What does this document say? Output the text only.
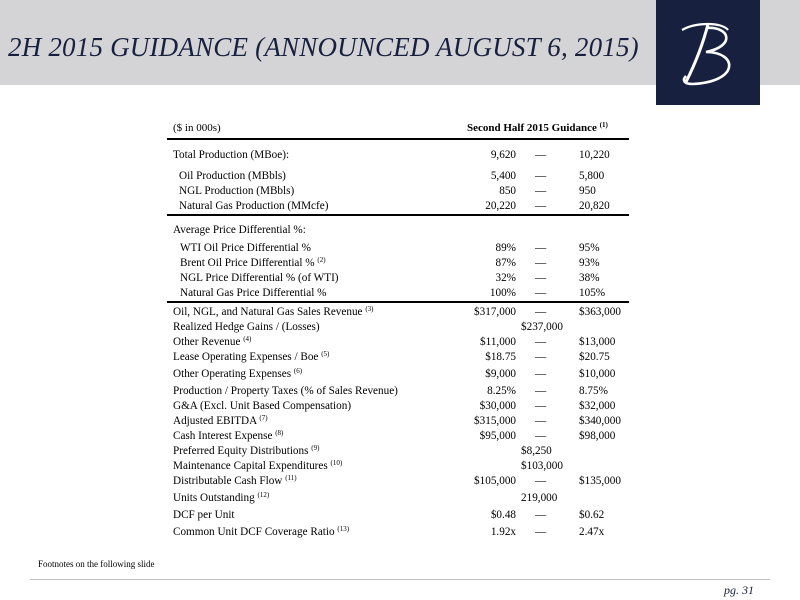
2H 2015 GUIDANCE (ANNOUNCED AUGUST 6, 2015)
($ in 000s)	Second Half 2015 Guidance $^{(1)}$
Total Production (MBoe):	9,620 —	10,220
Oil Production (MBbls)	5,400 —	5,800
NGL Production (MBbls)	850 —	950
Natural Gas Production (MMcfe)	20,220 —	20,820
Average Price Differential %:
WTI Oil Price Differential %	89% —	95%
Brent Oil Price Differential % $^{(2)}$	87% —	93%
NGL Price Differential % (of WTI)	32% —	38%
Natural Gas Price Differential %	100% —	105%
Oil, NGL, and Natural Gas Sales Revenue $^{(3)}$	$317,000 —	$363,000
Realized Hedge Gains / (Losses)	$237,000
Other Revenue $^{(4)}$	$11,000 —	$13,000
Lease Operating Expenses / Boe $^{(5)}$	$18.75 —	$20.75
Other Operating Expenses $^{(6)}$	$9,000 —	$10,000
Production / Property Taxes (% of Sales Revenue)	8.25% —	8.75%
G&A (Excl. Unit Based Compensation)	$30,000 —	$32,000
Adjusted EBITDA $^{(7)}$	$315,000 —	$340,000
Cash Interest Expense $^{(8)}$	$95,000 —	$98,000
Preferred Equity Distributions $^{(9)}$	$8,250
Maintenance Capital Expenditures $^{(10)}$	$103,000
Distributable Cash Flow $^{(11)}$	$105,000 —	$135,000
Units Outstanding $^{(12)}$	219,000
DCF per Unit	$0.48 —	$0.62
Common Unit DCF Coverage Ratio $^{(13)}$	1.92x —	2.47x
Footnotes on the following slide
pg. 31
